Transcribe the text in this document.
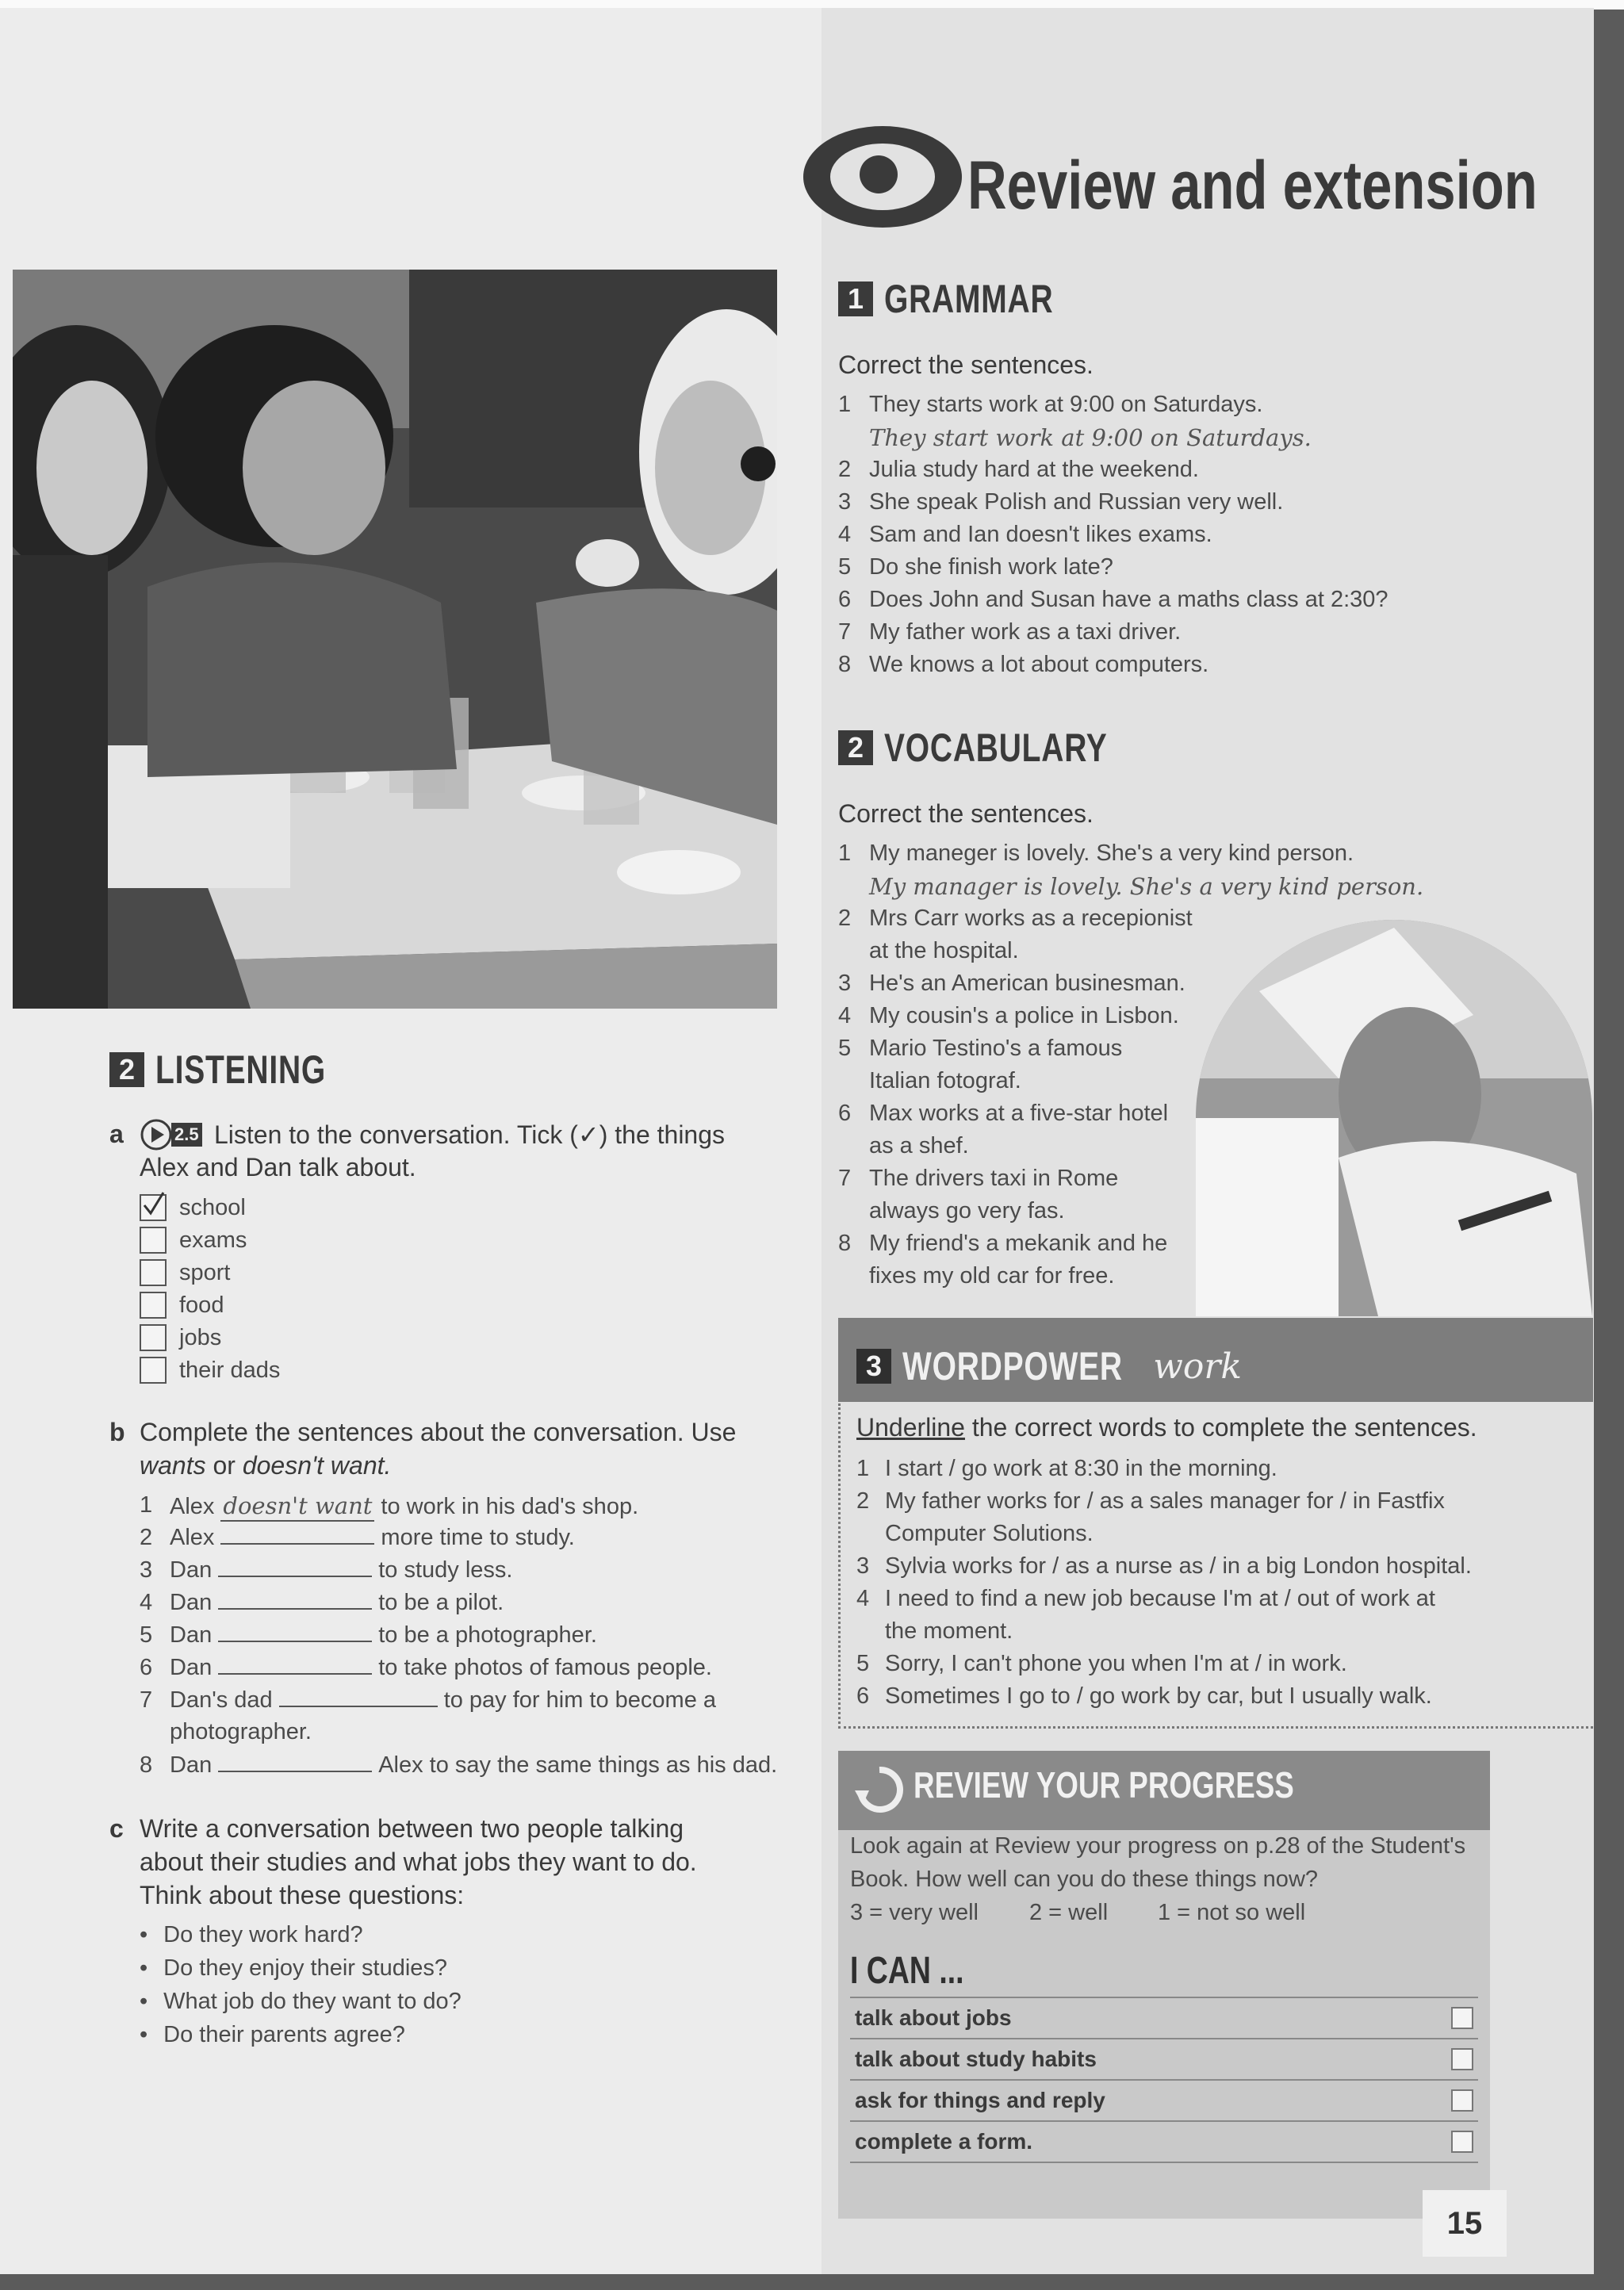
Review and extension
1 GRAMMAR
Correct the sentences.
1 They starts work at 9:00 on Saturdays.
They start work at 9:00 on Saturdays.
2 Julia study hard at the weekend.
3 She speak Polish and Russian very well.
4 Sam and Ian doesn't likes exams.
5 Do she finish work late?
6 Does John and Susan have a maths class at 2:30?
7 My father work as a taxi driver.
8 We knows a lot about computers.
2 VOCABULARY
Correct the sentences.
1 My maneger is lovely. She's a very kind person.
My manager is lovely. She's a very kind person.
2 Mrs Carr works as a recepionist
at the hospital.
3 He's an American businesman.
4 My cousin's a police in Lisbon.
5 Mario Testino's a famous
Italian fotograf.
6 Max works at a five-star hotel
as a shef.
7 The drivers taxi in Rome
always go very fas.
8 My friend's a mekanik and he
fixes my old car for free.
3 WORDPOWER work
Underline the correct words to complete the sentences.
1 I start / go work at 8:30 in the morning.
2 My father works for / as a sales manager for / in Fastfix
Computer Solutions.
3 Sylvia works for / as a nurse as / in a big London hospital.
4 I need to find a new job because I'm at / out of work at
the moment.
5 Sorry, I can't phone you when I'm at / in work.
6 Sometimes I go to / go work by car, but I usually walk.
REVIEW YOUR PROGRESS
Look again at Review your progress on p.28 of the Student's
Book. How well can you do these things now?
3 = very well 2 = well 1 = not so well
I CAN ...
talk about jobs
talk about study habits
ask for things and reply
complete a form.
15
2 LISTENING
a	2.5 Listen to the conversation. Tick (✓) the things
Alex and Dan talk about.
school
exams
sport
food
jobs
their dads
b Complete the sentences about the conversation. Use
wants or doesn't want.
1 Alex doesn't want to work in his dad's shop.
2 Alex	more time to study.
3 Dan	to study less.
4 Dan	to be a pilot.
5 Dan	to be a photographer.
6 Dan	to take photos of famous people.
7 Dan's dad	to pay for him to become a
8 Dan	Alex to say the same things as his dad.
photographer.
c Write a conversation between two people talking
about their studies and what jobs they want to do.
Think about these questions:
• Do they work hard?
• Do they enjoy their studies?
• What job do they want to do?
• Do their parents agree?
